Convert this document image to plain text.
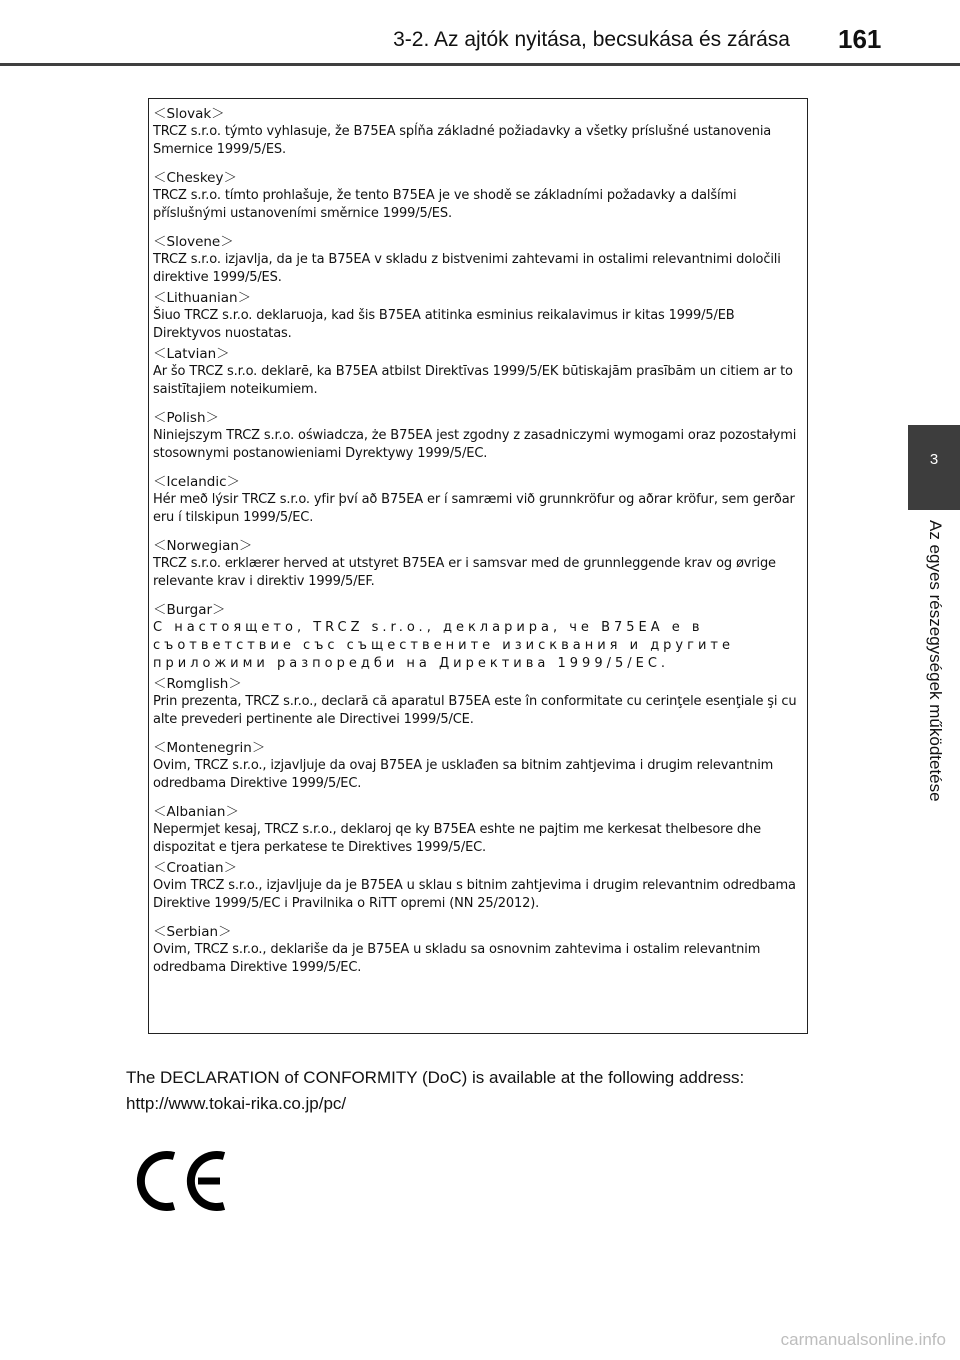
3-2. Az ajtók nyitása, becsukása és zárása 161
3
Az egyes részegységek működtetése
＜Slovak＞
TRCZ s.r.o. týmto vyhlasuje, že B75EA spĺňa základné požiadavky a všetky príslušné ustanovenia Smernice 1999/5/ES.
＜Cheskey＞
TRCZ s.r.o. tímto prohlašuje, že tento B75EA je ve shodě se základními požadavky a dalšími příslušnými ustanoveními směrnice 1999/5/ES.
＜Slovene＞
TRCZ s.r.o. izjavlja, da je ta B75EA v skladu z bistvenimi zahtevami in ostalimi relevantnimi določili direktive 1999/5/ES.
＜Lithuanian＞
Šiuo TRCZ s.r.o. deklaruoja, kad šis B75EA atitinka esminius reikalavimus ir kitas 1999/5/EB Direktyvos nuostatas.
＜Latvian＞
Ar šo TRCZ s.r.o. deklarē, ka B75EA atbilst Direktīvas 1999/5/EK būtiskajām prasībām un citiem ar to saistītajiem noteikumiem.
＜Polish＞
Niniejszym TRCZ s.r.o. oświadcza, że B75EA jest zgodny z zasadniczymi wymogami oraz pozostałymi stosownymi postanowieniami Dyrektywy 1999/5/EC.
＜Icelandic＞
Hér með lýsir TRCZ s.r.o. yfir því að B75EA er í samræmi við grunnkröfur og aðrar kröfur, sem gerðar eru í tilskipun 1999/5/EC.
＜Norwegian＞
TRCZ s.r.o. erklærer herved at utstyret B75EA er i samsvar med de grunnleggende krav og øvrige relevante krav i direktiv 1999/5/EF.
＜Burgar＞
С настоящето, TRCZ s.r.o., декларира, че B75EA е в съответствие със съществените изисквания и другите приложими разпоредби на Директива 1999/5/ЕС.
＜Romglish＞
Prin prezenta, TRCZ s.r.o., declară că aparatul B75EA este în conformitate cu cerinţele esenţiale şi cu alte prevederi pertinente ale Directivei 1999/5/CE.
＜Montenegrin＞
Ovim, TRCZ s.r.o., izjavljuje da ovaj B75EA je usklađen sa bitnim zahtjevima i drugim relevantnim odredbama Direktive 1999/5/EC.
＜Albanian＞
Nepermjet kesaj, TRCZ s.r.o., deklaroj qe ky B75EA eshte ne pajtim me kerkesat thelbesore dhe dispozitat e tjera perkatese te Direktives 1999/5/EC.
＜Croatian＞
Ovim TRCZ s.r.o., izjavljuje da je B75EA u sklau s bitnim zahtjevima i drugim relevantnim odredbama Direktive 1999/5/EC i Pravilnika o RiTT opremi (NN 25/2012).
＜Serbian＞
Ovim, TRCZ s.r.o., deklariše da je B75EA u skladu sa osnovnim zahtevima i ostalim relevantnim odredbama Direktive 1999/5/EC.
The DECLARATION of CONFORMITY (DoC) is available at the following address:
http://www.tokai-rika.co.jp/pc/
carmanualsonline.info
